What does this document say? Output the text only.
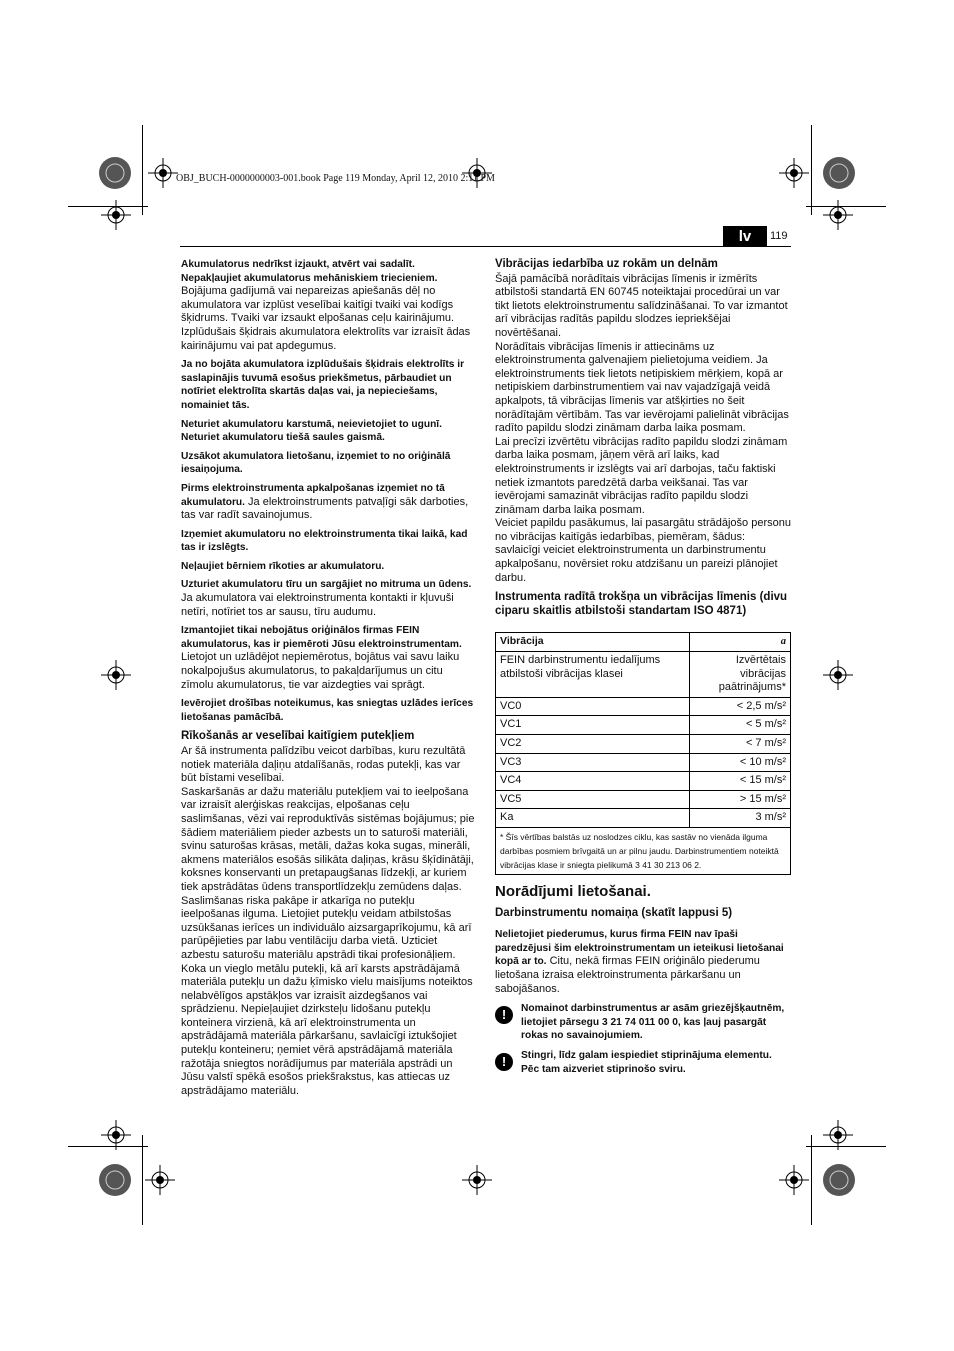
OBJ_BUCH-0000000003-001.book Page 119 Monday, April 12, 2010 2:11 PM
lv	119
Akumulatorus nedrīkst izjaukt, atvērt vai sadalīt.
Nepakļaujiet akumulatorus mehāniskiem triecieniem.
Bojājuma gadījumā vai nepareizas apiešanās dēļ no akumulatora var izplūst veselībai kaitīgi tvaiki vai kodīgs šķidrums. Tvaiki var izsaukt elpošanas ceļu kairinājumu. Izplūdušais šķidrais akumulatora elektrolīts var izraisīt ādas kairinājumu vai pat apdegumus.
Ja no bojāta akumulatora izplūdušais šķidrais elektrolīts ir saslapinājis tuvumā esošus priekšmetus, pārbaudiet un notīriet elektrolīta skartās daļas vai, ja nepieciešams, nomainiet tās.
Neturiet akumulatoru karstumā, neievietojiet to ugunī. Neturiet akumulatoru tiešā saules gaismā.
Uzsākot akumulatora lietošanu, izņemiet to no oriģinālā iesaiņojuma.
Pirms elektroinstrumenta apkalpošanas izņemiet no tā akumulatoru. Ja elektroinstruments patvaļīgi sāk darboties, tas var radīt savainojumus.
Izņemiet akumulatoru no elektroinstrumenta tikai laikā, kad tas ir izslēgts.
Neļaujiet bērniem rīkoties ar akumulatoru.
Uzturiet akumulatoru tīru un sargājiet no mitruma un ūdens. Ja akumulatora vai elektroinstrumenta kontakti ir kļuvuši netīri, notīriet tos ar sausu, tīru audumu.
Izmantojiet tikai nebojātus oriģinālos firmas FEIN akumulatorus, kas ir piemēroti Jūsu elektroinstrumentam. Lietojot un uzlādējot nepiemērotus, bojātus vai savu laiku nokalpojušus akumulatorus, to pakaļdarījumus un citu zīmolu akumulatorus, tie var aizdegties vai sprāgt.
Ievērojiet drošības noteikumus, kas sniegtas uzlādes ierīces lietošanas pamācībā.
Rīkošanās ar veselībai kaitīgiem putekļiem
Ar šā instrumenta palīdzību veicot darbības, kuru rezultātā notiek materiāla daļiņu atdalīšanās, rodas putekļi, kas var būt bīstami veselībai.
Saskaršanās ar dažu materiālu putekļiem vai to ieelpošana var izraisīt alerģiskas reakcijas, elpošanas ceļu saslimšanas, vēzi vai reproduktīvās sistēmas bojājumus; pie šādiem materiāliem pieder azbests un to saturoši materiāli, svinu saturošas krāsas, metāli, dažas koka sugas, minerāli, akmens materiālos esošās silikāta daļiņas, krāsu šķīdinātāji, koksnes konservanti un pretapaugšanas līdzekļi, ar kuriem tiek apstrādātas ūdens transportlīdzekļu zemūdens daļas. Saslimšanas riska pakāpe ir atkarīga no putekļu ieelpošanas ilguma. Lietojiet putekļu veidam atbilstošas uzsūkšanas ierīces un individuālo aizsargaprīkojumu, kā arī parūpējieties par labu ventilāciju darba vietā. Uzticiet azbestu saturošu materiālu apstrādi tikai profesionāļiem.
Koka un vieglo metālu putekļi, kā arī karsts apstrādājamā materiāla putekļu un dažu ķīmisko vielu maisījums noteiktos nelabvēlīgos apstākļos var izraisīt aizdegšanos vai sprādzienu. Nepieļaujiet dzirksteļu lidošanu putekļu konteinera virzienā, kā arī elektroinstrumenta un apstrādājamā materiāla pārkaršanu, savlaicīgi iztukšojiet putekļu konteineru; ņemiet vērā apstrādājamā materiāla ražotāja sniegtos norādījumus par materiāla apstrādi un Jūsu valstī spēkā esošos priekšrakstus, kas attiecas uz apstrādājamo materiālu.
Vibrācijas iedarbība uz rokām un delnām
Šajā pamācībā norādītais vibrācijas līmenis ir izmērīts atbilstoši standartā EN 60745 noteiktajai procedūrai un var tikt lietots elektroinstrumentu salīdzināšanai. To var izmantot arī vibrācijas radītās papildu slodzes iepriekšējai novērtēšanai.
Norādītais vibrācijas līmenis ir attiecināms uz elektroinstrumenta galvenajiem pielietojuma veidiem. Ja elektroinstruments tiek lietots netipiskiem mērķiem, kopā ar netipiskiem darbinstrumentiem vai nav vajadzīgajā veidā apkalpots, tā vibrācijas līmenis var atšķirties no šeit norādītajām vērtībām. Tas var ievērojami palielināt vibrācijas radīto papildu slodzi zināmam darba laika posmam.
Lai precīzi izvērtētu vibrācijas radīto papildu slodzi zināmam darba laika posmam, jāņem vērā arī laiks, kad elektroinstruments ir izslēgts vai arī darbojas, taču faktiski netiek izmantots paredzētā darba veikšanai. Tas var ievērojami samazināt vibrācijas radīto papildu slodzi zināmam darba laika posmam.
Veiciet papildu pasākumus, lai pasargātu strādājošo personu no vibrācijas kaitīgās iedarbības, piemēram, šādus: savlaicīgi veiciet elektroinstrumenta un darbinstrumentu apkalpošanu, novērsiet roku atdzišanu un pareizi plānojiet darbu.
Instrumenta radītā trokšņa un vibrācijas līmenis (divu ciparu skaitlis atbilstoši standartam ISO 4871)
Vibrācija	a
FEIN darbinstrumentu iedalījums atbilstoši vibrācijas klasei	Izvērtētais vibrācijas paātrinājums*
VC0	< 2,5 m/s²
VC1	< 5 m/s²
VC2	< 7 m/s²
VC3	< 10 m/s²
VC4	< 15 m/s²
VC5	> 15 m/s²
Ka	3 m/s²
* Šīs vērtības balstās uz noslodzes ciklu, kas sastāv no vienāda ilguma darbības posmiem brīvgaitā un ar pilnu jaudu. Darbinstrumentiem noteiktā vibrācijas klase ir sniegta pielikumā 3 41 30 213 06 2.	
Norādījumi lietošanai.
Darbinstrumentu nomaiņa (skatīt lappusi 5)
Nelietojiet piederumus, kurus firma FEIN nav īpaši paredzējusi šim elektroinstrumentam un ieteikusi lietošanai kopā ar to. Citu, nekā firmas FEIN oriģinālo piederumu lietošana izraisa elektroinstrumenta pārkaršanu un sabojāšanos.
!	Nomainot darbinstrumentus ar asām griezējšķautnēm, lietojiet pārsegu 3 21 74 011 00 0, kas ļauj pasargāt rokas no savainojumiem.
!	Stingri, līdz galam iespiediet stiprinājuma elementu. Pēc tam aizveriet stiprinošo sviru.
